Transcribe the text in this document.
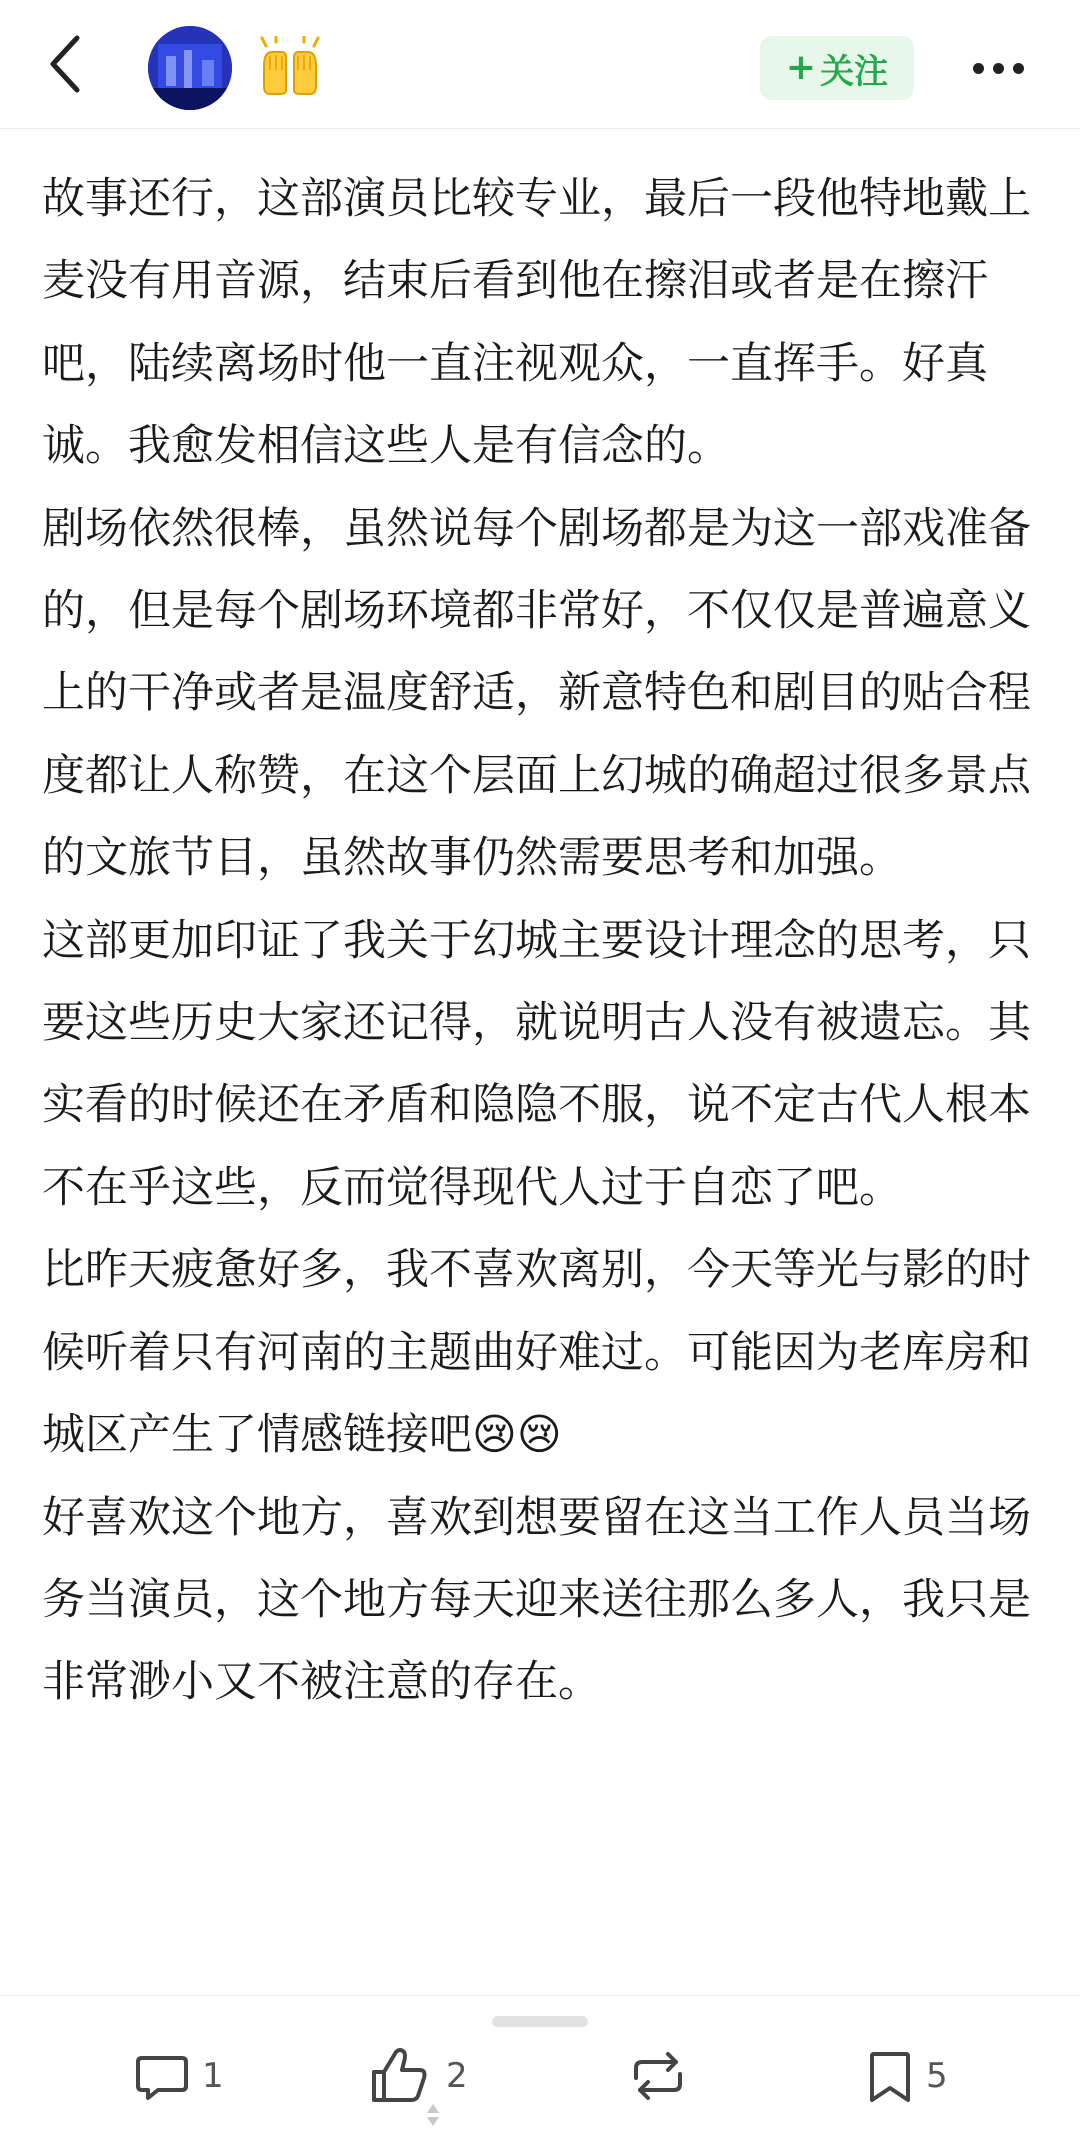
故事还行，这部演员比较专业，最后一段他特地戴上麦没有用音源，结束后看到他在擦泪或者是在擦汗吧，陆续离场时他一直注视观众，一直挥手。好真诚。我愈发相信这些人是有信念的。

剧场依然很棒，虽然说每个剧场都是为这一部戏准备的，但是每个剧场环境都非常好，不仅仅是普遍意义上的干净或者是温度舒适，新意特色和剧目的贴合程度都让人称赞，在这个层面上幻城的确超过很多景点的文旅节目，虽然故事仍然需要思考和加强。

这部更加印证了我关于幻城主要设计理念的思考，只要这些历史大家还记得，就说明古人没有被遗忘。其实看的时候还在矛盾和隐隐不服，说不定古代人根本不在乎这些，反而觉得现代人过于自恋了吧。

比昨天疲惫好多，我不喜欢离别，今天等光与影的时候听着只有河南的主题曲好难过。可能因为老库房和城区产生了情感链接吧😢😢

好喜欢这个地方，喜欢到想要留在这当工作人员当场务当演员，这个地方每天迎来送往那么多人，我只是非常渺小又不被注意的存在。

+ 关注
1	2	5
